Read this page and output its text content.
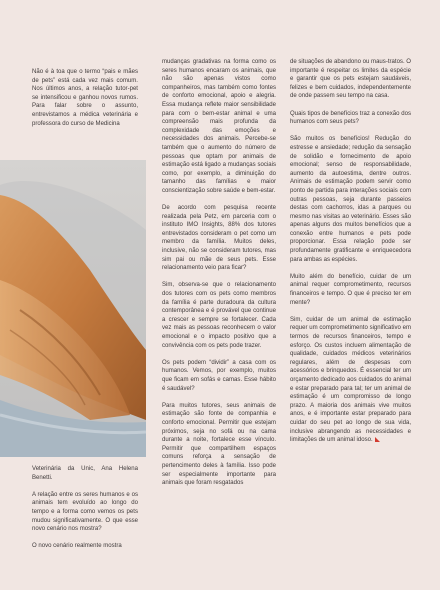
Não é à toa que o termo “pais e mães de pets” está cada vez mais comum. Nos últimos anos, a relação tutor-pet se intensificou e ganhou novos rumos. Para falar sobre o assunto, entrevistamos a médica veterinária e professora do curso de Medicina

Veterinária da Unic, Ana Helena Benetti.

A relação entre os seres humanos e os animais tem evoluído ao longo do tempo e a forma como vemos os pets mudou significativamente. O que esse novo cenário nos mostra?

O novo cenário realmente mostra

mudanças gradativas na forma como os seres humanos encaram os animais, que não são apenas vistos como companheiros, mas também como fontes de conforto emocional, apoio e alegria. Essa mudança reflete maior sensibilidade para com o bem-estar animal e uma compreensão mais profunda da complexidade das emoções e necessidades dos animais. Percebe-se também que o aumento do número de pessoas que optam por animais de estimação está ligado a mudanças sociais como, por exemplo, a diminuição do tamanho das famílias e maior conscientização sobre saúde e bem-estar.

De acordo com pesquisa recente realizada pela Petz, em parceria com o instituto IMO Insights, 88% dos tutores entrevistados consideram o pet como um membro da família. Muitos deles, inclusive, não se consideram tutores, mas sim pai ou mãe de seus pets. Esse relacionamento veio para ficar?

Sim, observa-se que o relacionamento dos tutores com os pets como membros da família é parte duradoura da cultura contemporânea e é provável que continue a crescer e sempre se fortalecer. Cada vez mais as pessoas reconhecem o valor emocional e o impacto positivo que a convivência com os pets pode trazer.

Os pets podem “dividir” a casa com os humanos. Vemos, por exemplo, muitos que ficam em sofás e camas. Esse hábito é saudável?

Para muitos tutores, seus animais de estimação são fonte de companhia e conforto emocional. Permitir que estejam próximos, seja no sofá ou na cama durante a noite, fortalece esse vínculo. Permitir que compartilhem espaços comuns reforça a sensação de pertencimento deles à família. Isso pode ser especialmente importante para animais que foram resgatados

de situações de abandono ou maus-tratos. O importante é respeitar os limites da espécie e garantir que os pets estejam saudáveis, felizes e bem cuidados, independentemente de onde passem seu tempo na casa.

Quais tipos de benefícios traz a conexão dos humanos com seus pets?

São muitos os benefícios! Redução do estresse e ansiedade; redução da sensação de solidão e fornecimento de apoio emocional; senso de responsabilidade, aumento da autoestima, dentre outros. Animais de estimação podem servir como ponto de partida para interações sociais com outras pessoas, seja durante passeios destas com cachorros, idas a parques ou mesmo nas visitas ao veterinário. Esses são apenas alguns dos muitos benefícios que a conexão entre humanos e pets pode proporcionar. Essa relação pode ser profundamente gratificante e enriquecedora para ambas as espécies.

Muito além do benefício, cuidar de um animal requer comprometimento, recursos financeiros e tempo. O que é preciso ter em mente?

Sim, cuidar de um animal de estimação requer um comprometimento significativo em termos de recursos financeiros, tempo e esforço. Os custos incluem alimentação de qualidade, cuidados médicos veterinários regulares, além de despesas com acessórios e brinquedos. É essencial ter um orçamento dedicado aos cuidados do animal e estar preparado para tal; ter um animal de estimação é um compromisso de longo prazo. A maioria dos animais vive muitos anos, e é importante estar preparado para cuidar do seu pet ao longo de sua vida, inclusive abrangendo as necessidades e limitações de um animal idoso.
